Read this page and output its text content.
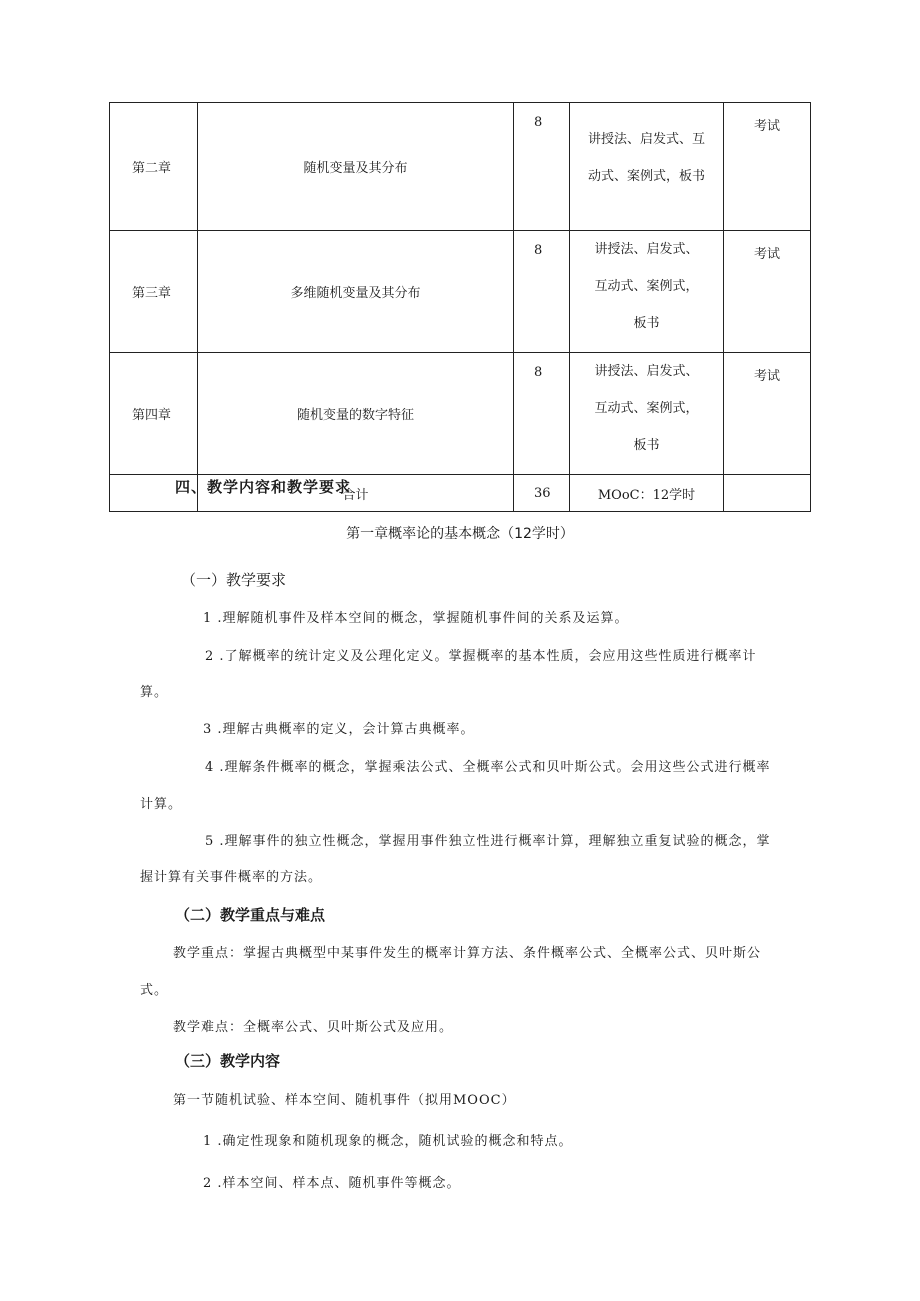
第二章	随机变量及其分布	8	讲授法、启发式、互
动式、案例式，板书	考试
第三章	多维随机变量及其分布	8	讲授法、启发式、
互动式、案例式，
板书	考试
第四章	随机变量的数字特征	8	讲授法、启发式、
互动式、案例式，
板书	考试
	合计	36	MOoC：12学时	
四、教学内容和教学要求
第一章概率论的基本概念（12学时）
（一）教学要求
1 .理解随机事件及样本空间的概念，掌握随机事件间的关系及运算。
2 .了解概率的统计定义及公理化定义。掌握概率的基本性质，会应用这些性质进行概率计
算。
3 .理解古典概率的定义，会计算古典概率。
4 .理解条件概率的概念，掌握乘法公式、全概率公式和贝叶斯公式。会用这些公式进行概率
计算。
5 .理解事件的独立性概念，掌握用事件独立性进行概率计算，理解独立重复试验的概念，掌
握计算有关事件概率的方法。
（二）教学重点与难点
教学重点：掌握古典概型中某事件发生的概率计算方法、条件概率公式、全概率公式、贝叶斯公
式。
教学难点：全概率公式、贝叶斯公式及应用。
（三）教学内容
第一节随机试验、样本空间、随机事件（拟用MOOC）
1 .确定性现象和随机现象的概念，随机试验的概念和特点。
2 .样本空间、样本点、随机事件等概念。
